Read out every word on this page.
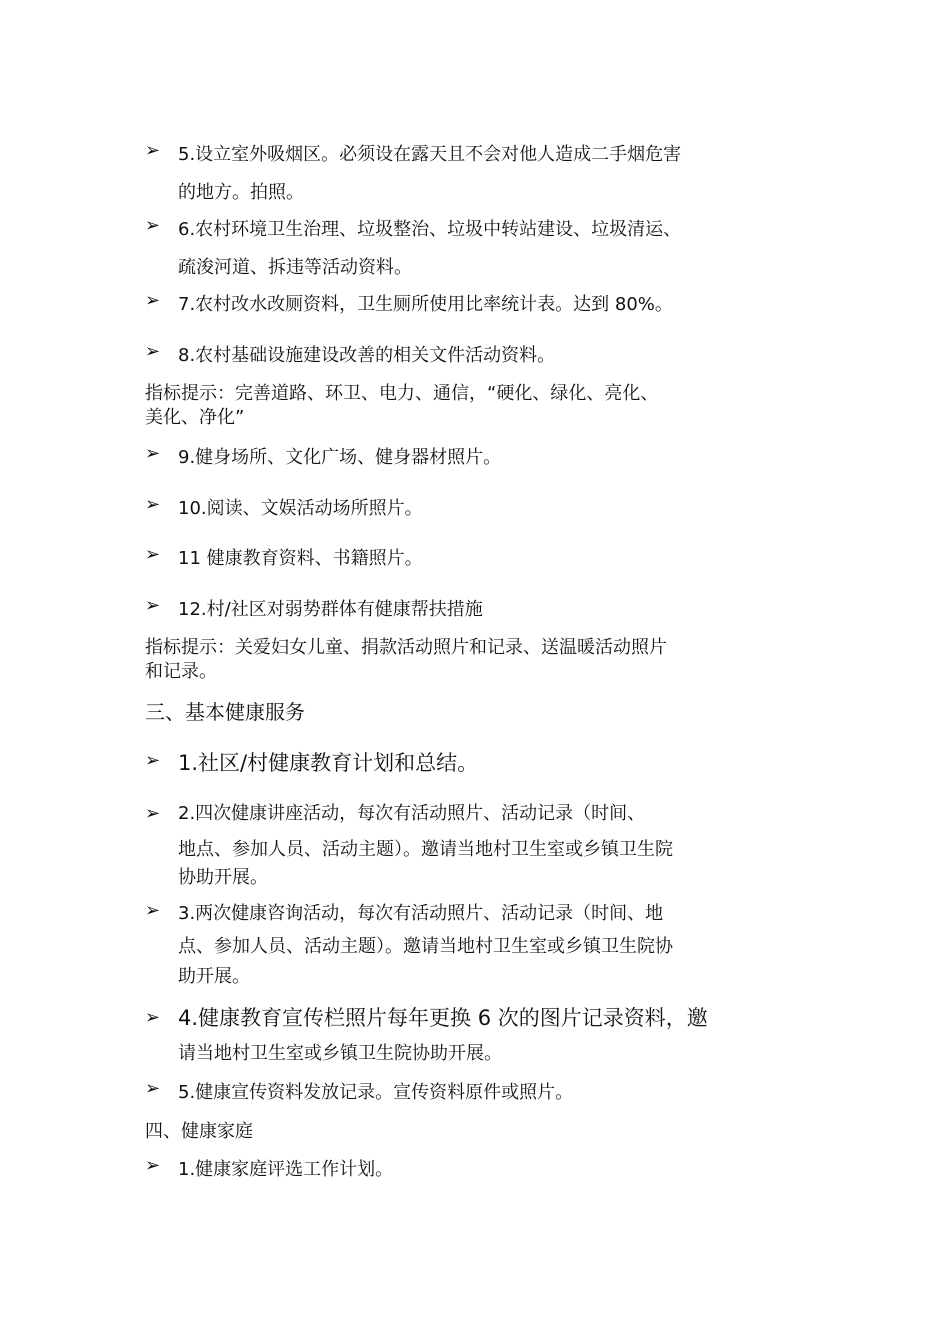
➢ 5.设立室外吸烟区。必须设在露天且不会对他人造成二手烟危害
的地方。拍照。
➢ 6.农村环境卫生治理、垃圾整治、垃圾中转站建设、垃圾清运、
疏浚河道、拆违等活动资料。
➢ 7.农村改水改厕资料，卫生厕所使用比率统计表。达到 80%。
➢ 8.农村基础设施建设改善的相关文件活动资料。
指标提示：完善道路、环卫、电力、通信，“硬化、绿化、亮化、
美化、净化”
➢ 9.健身场所、文化广场、健身器材照片。
➢ 10.阅读、文娱活动场所照片。
➢ 11 健康教育资料、书籍照片。
➢ 12.村/社区对弱势群体有健康帮扶措施
指标提示：关爱妇女儿童、捐款活动照片和记录、送温暖活动照片
和记录。
三、基本健康服务
➢ 1.社区/村健康教育计划和总结。
➢ 2.四次健康讲座活动，每次有活动照片、活动记录（时间、
地点、参加人员、活动主题）。邀请当地村卫生室或乡镇卫生院
协助开展。
➢ 3.两次健康咨询活动，每次有活动照片、活动记录（时间、地
点、参加人员、活动主题）。邀请当地村卫生室或乡镇卫生院协
助开展。
➢ 4.健康教育宣传栏照片每年更换 6 次的图片记录资料，邀
请当地村卫生室或乡镇卫生院协助开展。
➢ 5.健康宣传资料发放记录。宣传资料原件或照片。
四、健康家庭
➢ 1.健康家庭评选工作计划。
